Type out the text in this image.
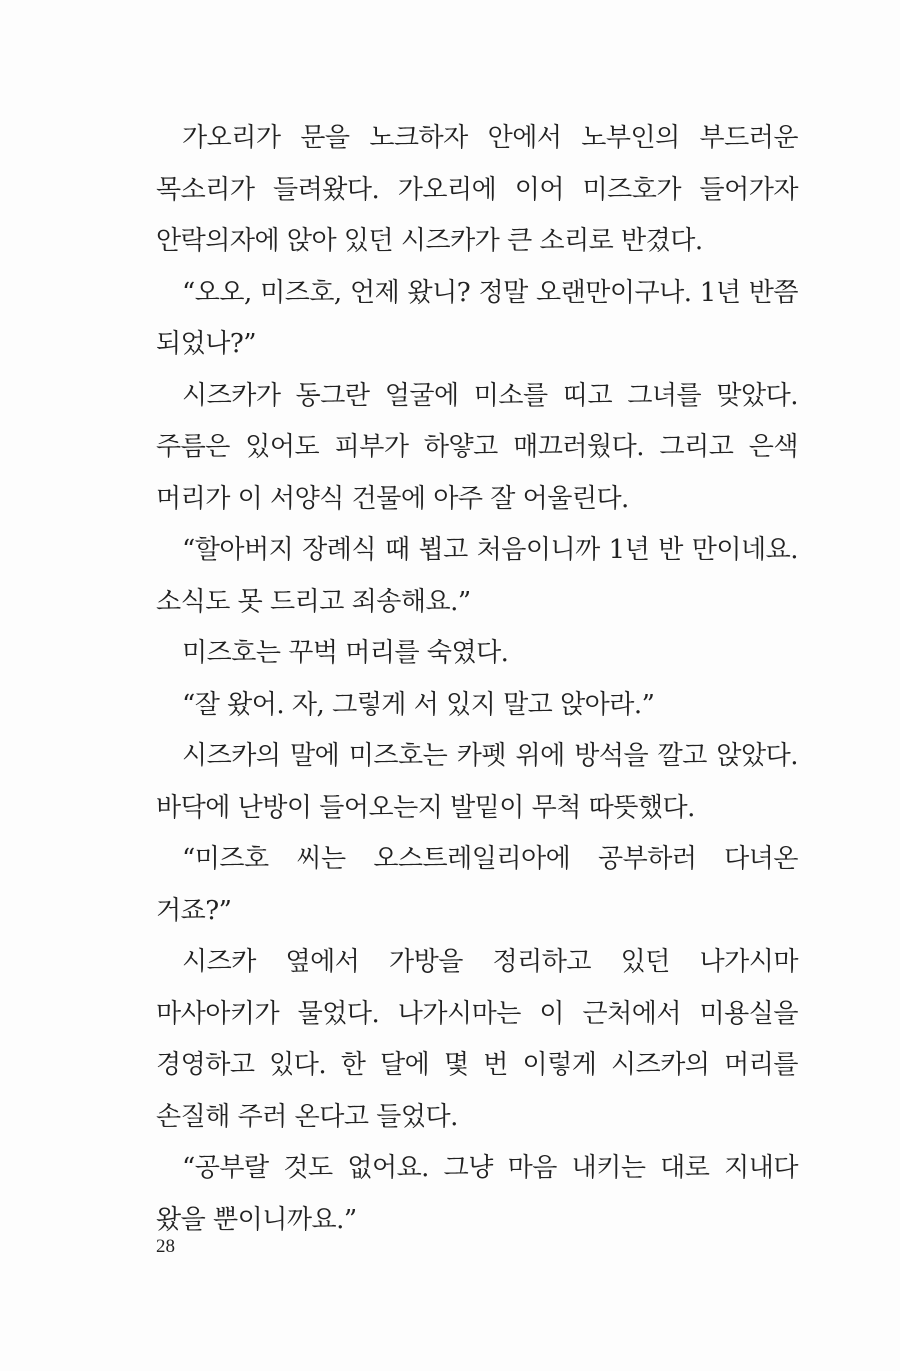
가오리가 문을 노크하자 안에서 노부인의 부드러운 목소리가 들려왔다. 가오리에 이어 미즈호가 들어가자 안락의자에 앉아 있던 시즈카가 큰 소리로 반겼다.

“오오, 미즈호, 언제 왔니? 정말 오랜만이구나. 1년 반쯤 되었나?”

시즈카가 동그란 얼굴에 미소를 띠고 그녀를 맞았다. 주름은 있어도 피부가 하얗고 매끄러웠다. 그리고 은색 머리가 이 서양식 건물에 아주 잘 어울린다.

“할아버지 장례식 때 뵙고 처음이니까 1년 반 만이네요. 소식도 못 드리고 죄송해요.”

미즈호는 꾸벅 머리를 숙였다.

“잘 왔어. 자, 그렇게 서 있지 말고 앉아라.”

시즈카의 말에 미즈호는 카펫 위에 방석을 깔고 앉았다. 바닥에 난방이 들어오는지 발밑이 무척 따뜻했다.

“미즈호 씨는 오스트레일리아에 공부하러 다녀온 거죠?”

시즈카 옆에서 가방을 정리하고 있던 나가시마 마사아키가 물었다. 나가시마는 이 근처에서 미용실을 경영하고 있다. 한 달에 몇 번 이렇게 시즈카의 머리를 손질해 주러 온다고 들었다.

“공부랄 것도 없어요. 그냥 마음 내키는 대로 지내다 왔을 뿐이니까요.”

28
